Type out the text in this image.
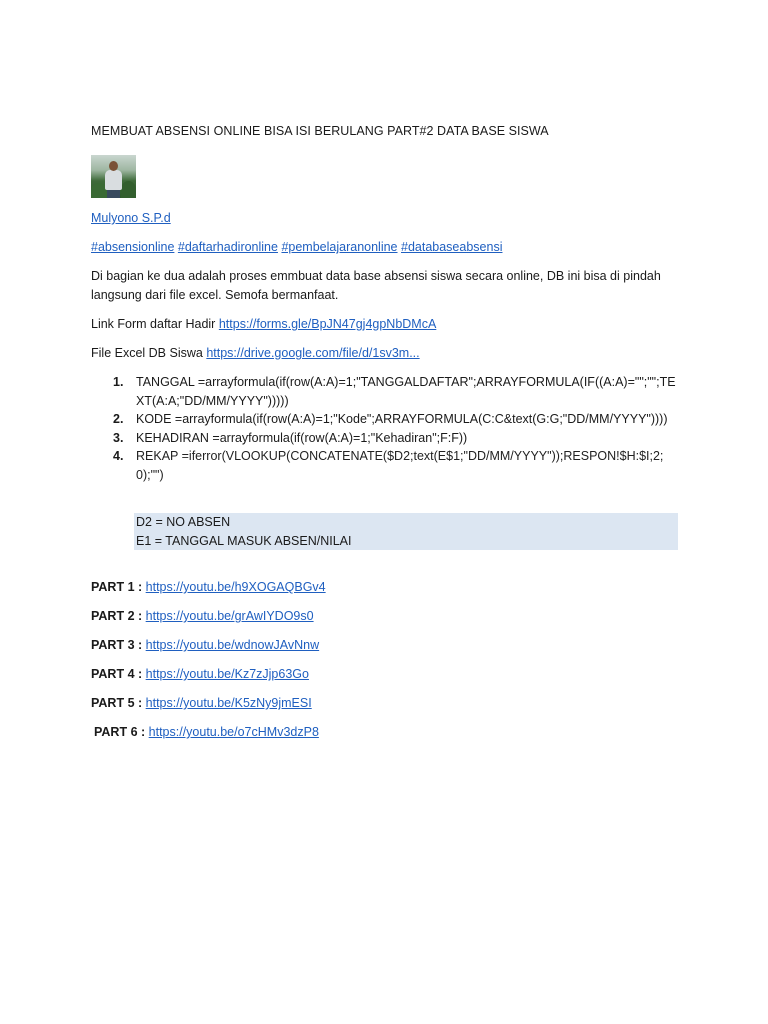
MEMBUAT ABSENSI ONLINE BISA ISI BERULANG PART#2 DATA BASE SISWA
Mulyono S.P.d
#absensionline #daftarhadironline #pembelajaranonline #databaseabsensi
Di bagian ke dua adalah proses emmbuat data base absensi siswa secara online, DB ini bisa di pindah
langsung dari file excel. Semofa bermanfaat.
Link Form daftar Hadir https://forms.gle/BpJN47gj4gpNbDMcA
File Excel DB Siswa https://drive.google.com/file/d/1sv3m...
1. TANGGAL =arrayformula(if(row(A:A)=1;"TANGGALDAFTAR";ARRAYFORMULA(IF((A:A)="";"";TEXT(A:A;"DD/MM/YYYY")))))
2. KODE =arrayformula(if(row(A:A)=1;"Kode";ARRAYFORMULA(C:C&text(G:G;"DD/MM/YYYY"))))
3. KEHADIRAN =arrayformula(if(row(A:A)=1;"Kehadiran";F:F))
4. REKAP =iferror(VLOOKUP(CONCATENATE($D2;text(E$1;"DD/MM/YYYY"));RESPON!$H:$I;2;0);"")
D2 = NO ABSEN
E1 = TANGGAL MASUK ABSEN/NILAI
PART 1 : https://youtu.be/h9XOGAQBGv4
PART 2 : https://youtu.be/grAwIYDO9s0
PART 3 : https://youtu.be/wdnowJAvNnw
PART 4 : https://youtu.be/Kz7zJjp63Go
PART 5 : https://youtu.be/K5zNy9jmESI
PART 6 : https://youtu.be/o7cHMv3dzP8
